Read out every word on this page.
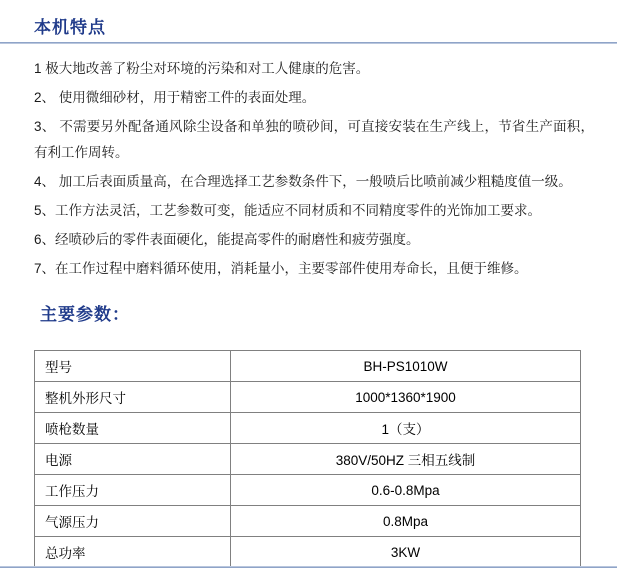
本机特点

1 极大地改善了粉尘对环境的污染和对工人健康的危害。

2、 使用微细砂材，用于精密工件的表面处理。

3、 不需要另外配备通风除尘设备和单独的喷砂间，可直接安装在生产线上，节省生产面积，有利工作周转。

4、 加工后表面质量高，在合理选择工艺参数条件下，一般喷后比喷前减少粗糙度值一级。

5、工作方法灵活，工艺参数可变，能适应不同材质和不同精度零件的光饰加工要求。

6、经喷砂后的零件表面硬化，能提高零件的耐磨性和疲劳强度。

7、在工作过程中磨料循环使用，消耗量小，主要零部件使用寿命长，且便于维修。

主要参数：
型号	BH-PS1010W
整机外形尺寸	1000*1360*1900
喷枪数量	1（支）
电源	380V/50HZ 三相五线制
工作压力	0.6-0.8Mpa
气源压力	0.8Mpa
总功率	3KW
